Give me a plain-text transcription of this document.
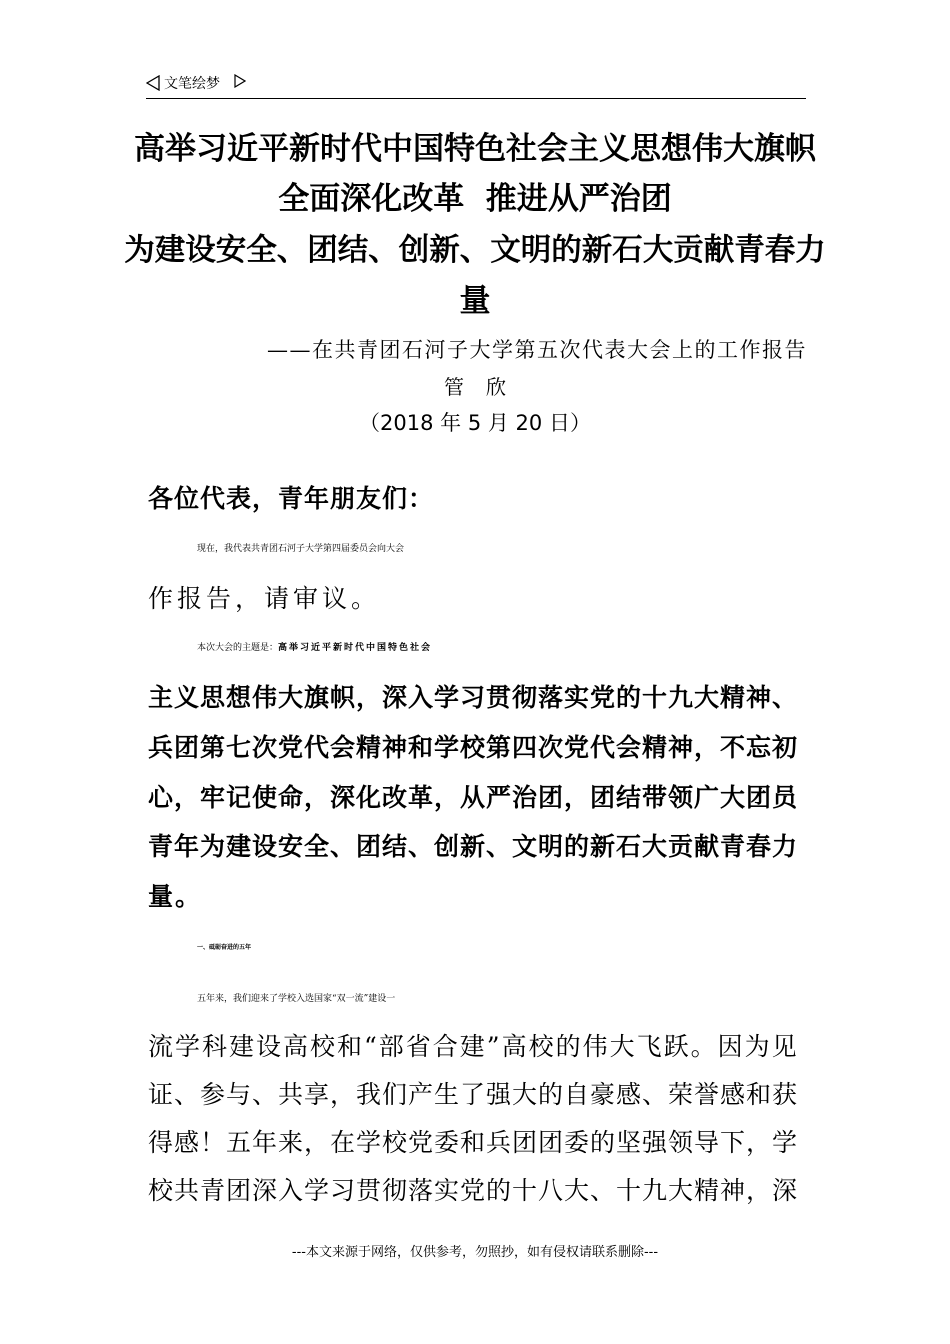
文笔绘梦
高举习近平新时代中国特色社会主义思想伟大旗帜
全面深化改革  推进从严治团
为建设安全、团结、创新、文明的新石大贡献青春力
量
——在共青团石河子大学第五次代表大会上的工作报告
管 欣
（2018 年 5 月 20 日）
各位代表，青年朋友们：
现在，我代表共青团石河子大学第四届委员会向大会
作报告，请审议。
本次大会的主题是：高举习近平新时代中国特色社会
主义思想伟大旗帜，深入学习贯彻落实党的十九大精神、
兵团第七次党代会精神和学校第四次党代会精神，不忘初
心，牢记使命，深化改革，从严治团，团结带领广大团员
青年为建设安全、团结、创新、文明的新石大贡献青春力
量。
一、砥砺奋进的五年
五年来，我们迎来了学校入选国家“双一流”建设一
流学科建设高校和“部省合建”高校的伟大飞跃。因为见
证、参与、共享，我们产生了强大的自豪感、荣誉感和获
得感！五年来，在学校党委和兵团团委的坚强领导下，学
校共青团深入学习贯彻落实党的十八大、十九大精神，深
---本文来源于网络，仅供参考，勿照抄，如有侵权请联系删除---
